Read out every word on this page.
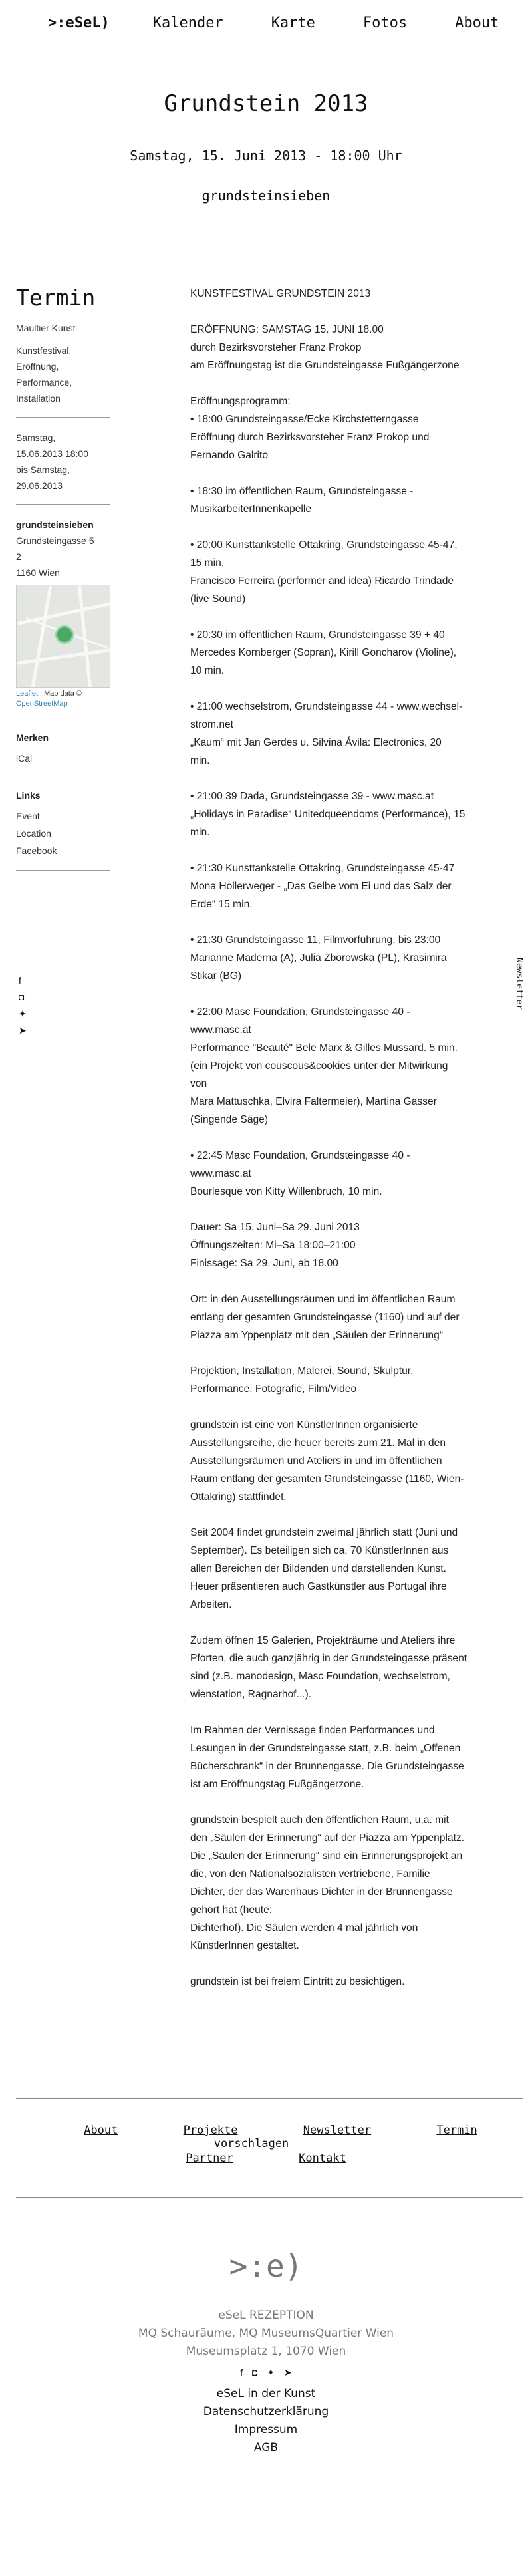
>:eSeL)	Kalender	Karte	Fotos	About
Grundstein 2013
Samstag, 15. Juni 2013 - 18:00 Uhr
grundsteinsieben
Termin
Maultier Kunst
Kunstfestival,
Eröffnung,
Performance,
Installation
Samstag,
15.06.2013 18:00
bis Samstag,
29.06.2013
grundsteinsieben
Grundsteingasse 5
2
1160 Wien
Leaflet | Map data ©
OpenStreetMap
Merken
iCal
Links
Event
Location
Facebook
f
◘
✦
➤
Newsletter

KUNSTFESTIVAL GRUNDSTEIN 2013

ERÖFFNUNG: SAMSTAG 15. JUNI 18.00
durch Bezirksvorsteher Franz Prokop
am Eröffnungstag ist die Grundsteingasse Fußgängerzone

Eröffnungsprogramm:
• 18:00 Grundsteingasse/Ecke Kirchstetterngasse
Eröffnung durch Bezirksvorsteher Franz Prokop und
Fernando Galrito

• 18:30 im öffentlichen Raum, Grundsteingasse -
MusikarbeiterInnenkapelle

• 20:00 Kunsttankstelle Ottakring, Grundsteingasse 45-47,
15 min.
Francisco Ferreira (performer and idea) Ricardo Trindade
(live Sound)

• 20:30 im öffentlichen Raum, Grundsteingasse 39 + 40
Mercedes Kornberger (Sopran), Kirill Goncharov (Violine),
10 min.

• 21:00 wechselstrom, Grundsteingasse 44 - www.wechsel-
strom.net
„Kaum“ mit Jan Gerdes u. Silvina Ávila: Electronics, 20
min.

• 21:00 39 Dada, Grundsteingasse 39 - www.masc.at
„Holidays in Paradise“ Unitedqueendoms (Performance), 15
min.

• 21:30 Kunsttankstelle Ottakring, Grundsteingasse 45-47
Mona Hollerweger - „Das Gelbe vom Ei und das Salz der
Erde“ 15 min.

• 21:30 Grundsteingasse 11, Filmvorführung, bis 23:00
Marianne Maderna (A), Julia Zborowska (PL), Krasimira
Stikar (BG)

• 22:00 Masc Foundation, Grundsteingasse 40 -
www.masc.at
Performance "Beauté" Bele Marx & Gilles Mussard. 5 min.
(ein Projekt von couscous&cookies unter der Mitwirkung
von
Mara Mattuschka, Elvira Faltermeier), Martina Gasser
(Singende Säge)

• 22:45 Masc Foundation, Grundsteingasse 40 -
www.masc.at
Bourlesque von Kitty Willenbruch, 10 min.

Dauer: Sa 15. Juni–Sa 29. Juni 2013
Öffnungszeiten: Mi–Sa 18:00–21:00
Finissage: Sa 29. Juni, ab 18.00

Ort: in den Ausstellungsräumen und im öffentlichen Raum
entlang der gesamten Grundsteingasse (1160) und auf der
Piazza am Yppenplatz mit den „Säulen der Erinnerung“

Projektion, Installation, Malerei, Sound, Skulptur,
Performance, Fotografie, Film/Video

grundstein ist eine von KünstlerInnen organisierte
Ausstellungsreihe, die heuer bereits zum 21. Mal in den
Ausstellungsräumen und Ateliers in und im öffentlichen
Raum entlang der gesamten Grundsteingasse (1160, Wien-
Ottakring) stattfindet.

Seit 2004 findet grundstein zweimal jährlich statt (Juni und
September). Es beteiligen sich ca. 70 KünstlerInnen aus
allen Bereichen der Bildenden und darstellenden Kunst.
Heuer präsentieren auch Gastkünstler aus Portugal ihre
Arbeiten.

Zudem öffnen 15 Galerien, Projekträume und Ateliers ihre
Pforten, die auch ganzjährig in der Grundsteingasse präsent
sind (z.B. manodesign, Masc Foundation, wechselstrom,
wienstation, Ragnarhof...).

Im Rahmen der Vernissage finden Performances und
Lesungen in der Grundsteingasse statt, z.B. beim „Offenen
Bücherschrank“ in der Brunnengasse. Die Grundsteingasse
ist am Eröffnungstag Fußgängerzone.

grundstein bespielt auch den öffentlichen Raum, u.a. mit
den „Säulen der Erinnerung“ auf der Piazza am Yppenplatz.
Die „Säulen der Erinnerung“ sind ein Erinnerungsprojekt an
die, von den Nationalsozialisten vertriebene, Familie
Dichter, der das Warenhaus Dichter in der Brunnengasse
gehört hat (heute:
Dichterhof). Die Säulen werden 4 mal jährlich von
KünstlerInnen gestaltet.

grundstein ist bei freiem Eintritt zu besichtigen.

About	Projekte	Newsletter	Termin vorschlagen
Partner	Kontakt
>:e)
eSeL REZEPTION
MQ Schauräume, MQ MuseumsQuartier Wien
Museumsplatz 1, 1070 Wien
f ◘ ✦ ➤
eSeL in der Kunst
Datenschutzerklärung
Impressum
AGB
